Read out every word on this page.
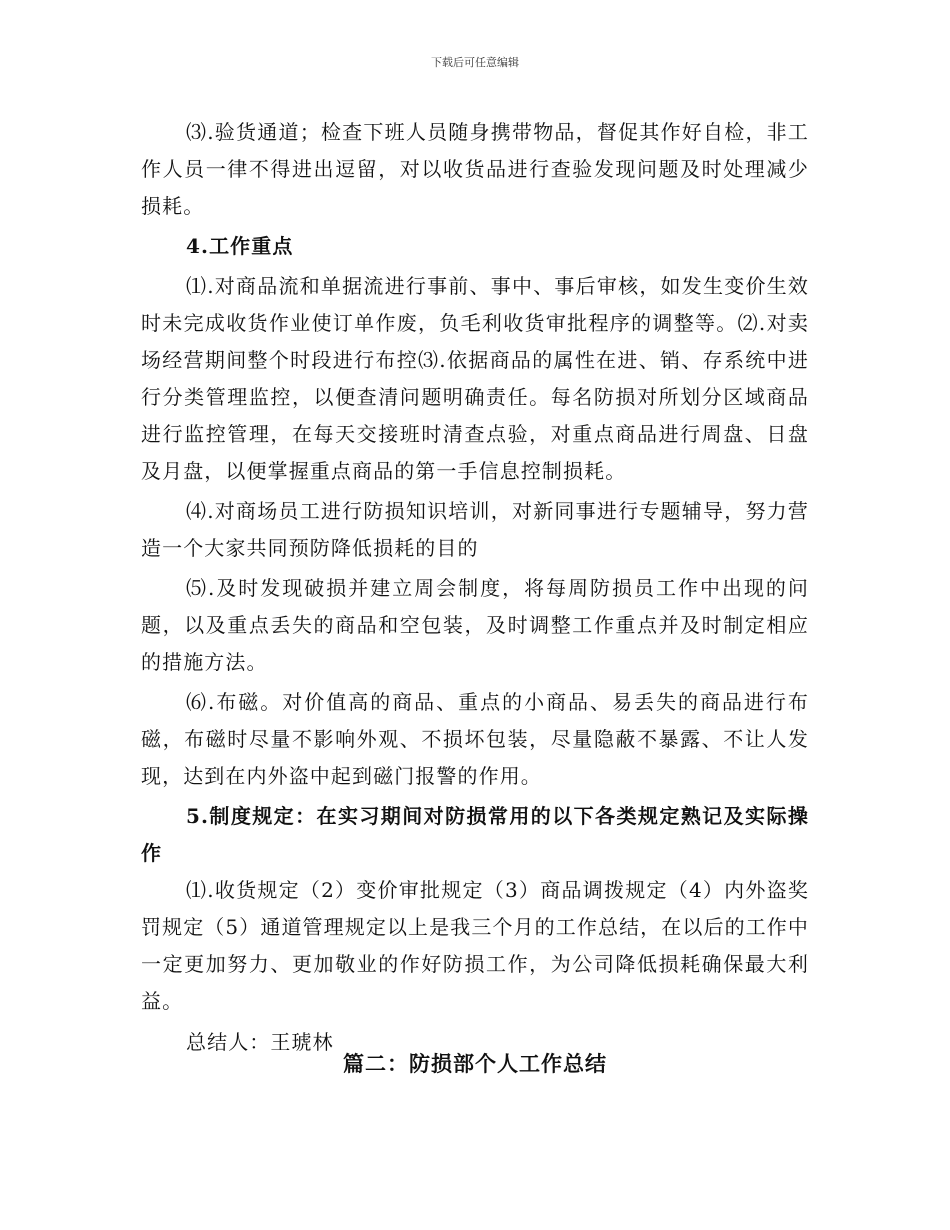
下载后可任意编辑

⑶.验货通道；检查下班人员随身携带物品，督促其作好自检，非工作人员一律不得进出逗留，对以收货品进行查验发现问题及时处理减少损耗。

4.工作重点

⑴.对商品流和单据流进行事前、事中、事后审核，如发生变价生效时未完成收货作业使订单作废，负毛利收货审批程序的调整等。⑵.对卖场经营期间整个时段进行布控⑶.依据商品的属性在进、销、存系统中进行分类管理监控，以便查清问题明确责任。每名防损对所划分区域商品进行监控管理，在每天交接班时清查点验，对重点商品进行周盘、日盘及月盘，以便掌握重点商品的第一手信息控制损耗。

⑷.对商场员工进行防损知识培训，对新同事进行专题辅导，努力营造一个大家共同预防降低损耗的目的

⑸.及时发现破损并建立周会制度，将每周防损员工作中出现的问题，以及重点丢失的商品和空包装，及时调整工作重点并及时制定相应的措施方法。

⑹.布磁。对价值高的商品、重点的小商品、易丢失的商品进行布磁，布磁时尽量不影响外观、不损坏包装，尽量隐蔽不暴露、不让人发现，达到在内外盗中起到磁门报警的作用。

5.制度规定：在实习期间对防损常用的以下各类规定熟记及实际操作

⑴.收货规定（2）变价审批规定（3）商品调拨规定（4）内外盗奖罚规定（5）通道管理规定以上是我三个月的工作总结，在以后的工作中一定更加努力、更加敬业的作好防损工作，为公司降低损耗确保最大利益。

总结人：王琥林

篇二：防损部个人工作总结
